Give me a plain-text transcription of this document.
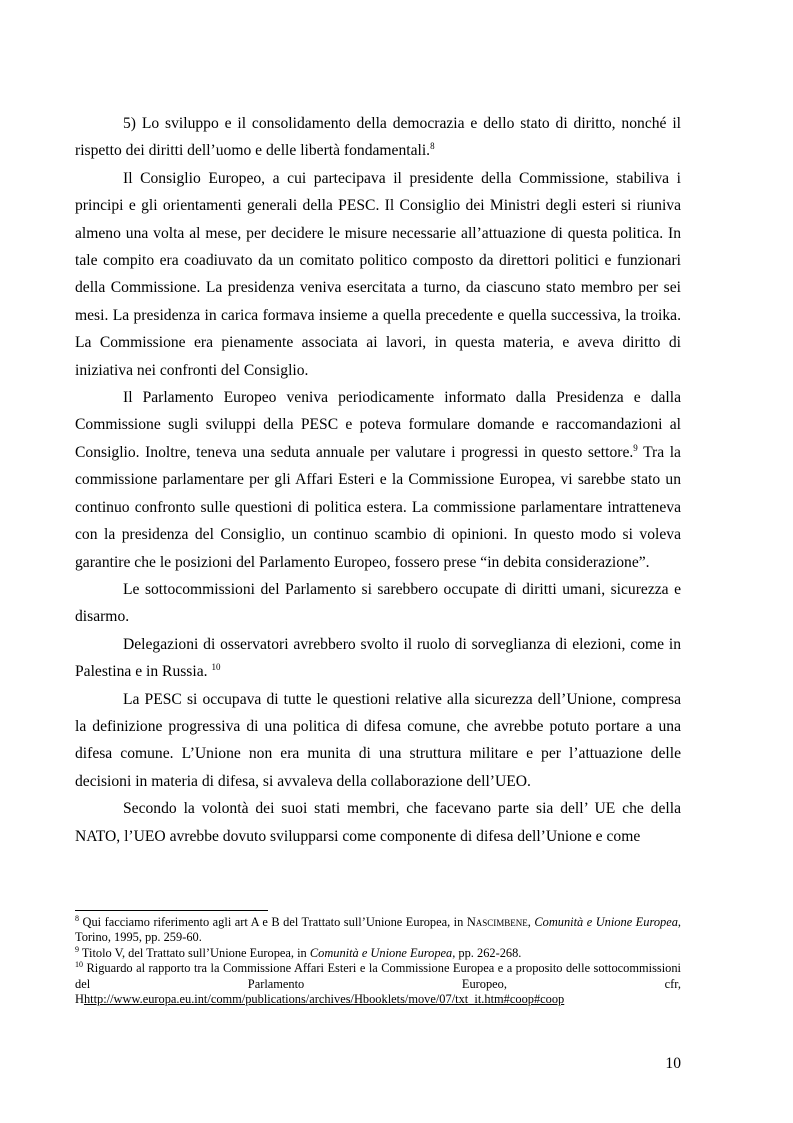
5) Lo sviluppo e il consolidamento della democrazia e dello stato di diritto, nonché il rispetto dei diritti dell’uomo e delle libertà fondamentali.$^8$

Il Consiglio Europeo, a cui partecipava il presidente della Commissione, stabiliva i principi e gli orientamenti generali della PESC. Il Consiglio dei Ministri degli esteri si riuniva almeno una volta al mese, per decidere le misure necessarie all’attuazione di questa politica. In tale compito era coadiuvato da un comitato politico composto da direttori politici e funzionari della Commissione. La presidenza veniva esercitata a turno, da ciascuno stato membro per sei mesi. La presidenza in carica formava insieme a quella precedente e quella successiva, la troika. La Commissione era pienamente associata ai lavori, in questa materia, e aveva diritto di iniziativa nei confronti del Consiglio.

Il Parlamento Europeo veniva periodicamente informato dalla Presidenza e dalla Commissione sugli sviluppi della PESC e poteva formulare domande e raccomandazioni al Consiglio. Inoltre, teneva una seduta annuale per valutare i progressi in questo settore.$^9$ Tra la commissione parlamentare per gli Affari Esteri e la Commissione Europea, vi sarebbe stato un continuo confronto sulle questioni di politica estera. La commissione parlamentare intratteneva con la presidenza del Consiglio, un continuo scambio di opinioni. In questo modo si voleva garantire che le posizioni del Parlamento Europeo, fossero prese “in debita considerazione”.

Le sottocommissioni del Parlamento si sarebbero occupate di diritti umani, sicurezza e disarmo.

Delegazioni di osservatori avrebbero svolto il ruolo di sorveglianza di elezioni, come in Palestina e in Russia. $^{10}$

La PESC si occupava di tutte le questioni relative alla sicurezza dell’Unione, compresa la definizione progressiva di una politica di difesa comune, che avrebbe potuto portare a una difesa comune. L’Unione non era munita di una struttura militare e per l’attuazione delle decisioni in materia di difesa, si avvaleva della collaborazione dell’UEO.

Secondo la volontà dei suoi stati membri, che facevano parte sia dell’ UE che della NATO, l’UEO avrebbe dovuto svilupparsi come componente di difesa dell’Unione e come

$^8$ Qui facciamo riferimento agli art A e B del Trattato sull’Unione Europea, in Nascimbene, Comunità e Unione Europea, Torino, 1995, pp. 259-60.

$^9$ Titolo V, del Trattato sull’Unione Europea, in Comunità e Unione Europea, pp. 262-268.

$^{10}$ Riguardo al rapporto tra la Commissione Affari Esteri e la Commissione Europea e a proposito delle sottocommissioni del Parlamento Europeo, cfr, Hhttp://www.europa.eu.int/comm/publications/archives/Hbooklets/move/07/txt_it.htm#coop#coop

10
